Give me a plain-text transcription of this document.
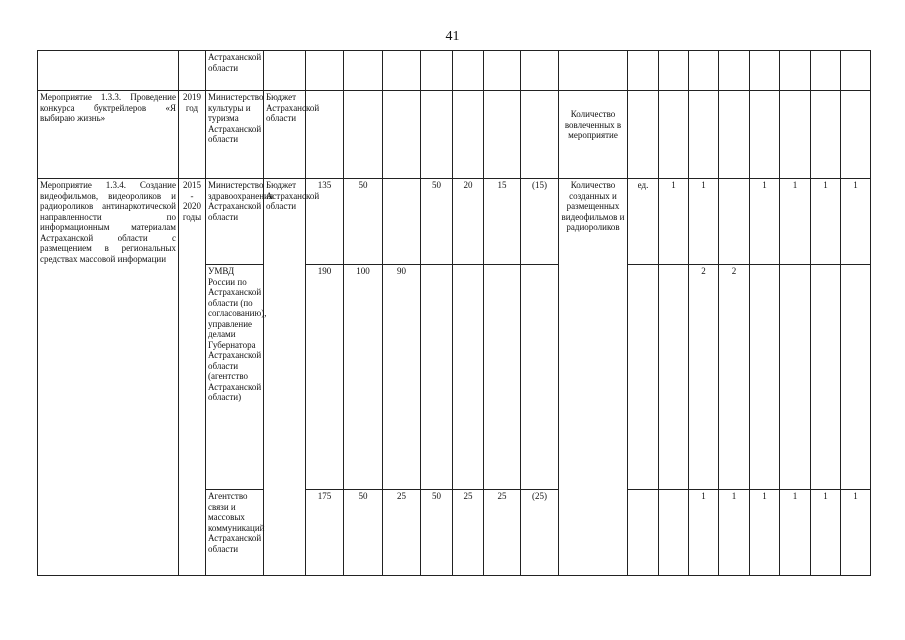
41
		Астраханской области																	
Мероприятие 1.3.3. Проведение конкурса буктрейлеров «Я выбираю жизнь»	2019 год	Министерство культуры и туризма Астраханской области	Бюджет Астраханской области								Количество вовлеченных в мероприятие								
Мероприятие 1.3.4. Создание видеофильмов, видеороликов и радиороликов антинаркотической направленности по информационным материалам Астраханской области с размещением в региональных средствах массовой информации	2015 - 2020 годы	Министерство здравоохранения Астраханской области	Бюджет Астраханской области	135	50		50	20	15	(15)	Количество созданных и размещенных видеофильмов и радиороликов	ед.	1	1		1	1	1	1
		УМВД России по Астраханской области (по согласованию), управление делами Губернатора Астраханской области (агентство Астраханской области)		190	100	90								2	2				
		Агентство связи и массовых коммуникаций Астраханской области		175	50	25	50	25	25	(25)				1	1	1	1	1	1
